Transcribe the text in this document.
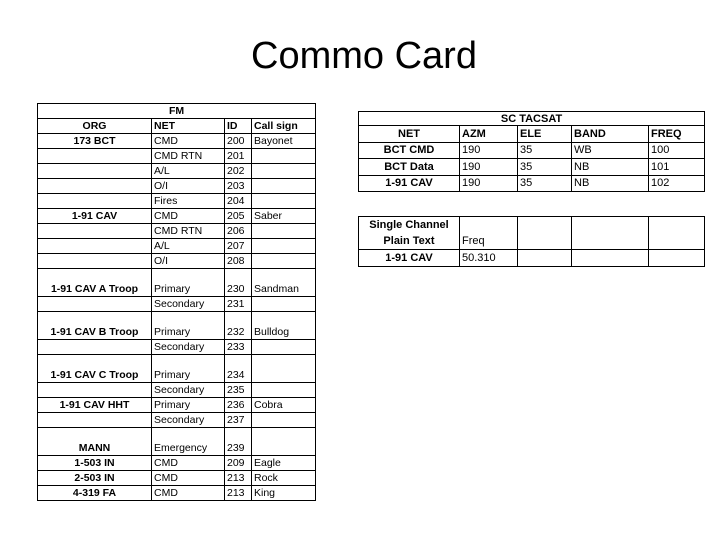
Commo Card
FM			
ORG	NET	ID	Call sign
173 BCT	CMD	200	Bayonet
	CMD RTN	201	
	A/L	202	
	O/I	203	
	Fires	204	
1-91 CAV	CMD	205	Saber
	CMD RTN	206	
	A/L	207	
	O/I	208	
1-91 CAV A Troop	Primary	230	Sandman
	Secondary	231	
1-91 CAV B Troop	Primary	232	Bulldog
	Secondary	233	
1-91 CAV C Troop	Primary	234	
	Secondary	235	
1-91 CAV HHT	Primary	236	Cobra
	Secondary	237	
MANN	Emergency	239	
1-503 IN	CMD	209	Eagle
2-503 IN	CMD	213	Rock
4-319 FA	CMD	213	King
SC TACSAT				
NET	AZM	ELE	BAND	FREQ
BCT CMD	190	35	WB	100
BCT Data	190	35	NB	101
1-91 CAV	190	35	NB	102
Single Channel				
Plain Text	Freq			
1-91 CAV	50.310			
